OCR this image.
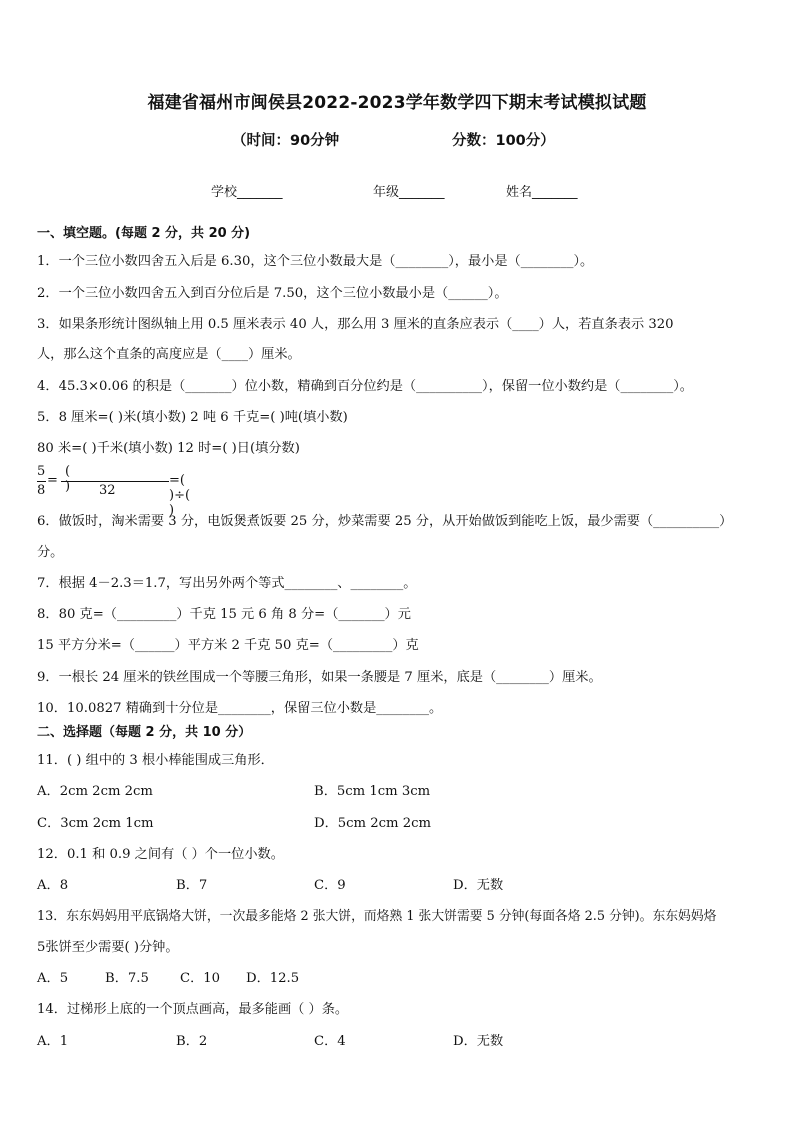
福建省福州市闽侯县2022-2023学年数学四下期末考试模拟试题
（时间：90分钟	分数：100分）
学校_______	年级_______	姓名_______
一、填空题。(每题 2 分，共 20 分)
1．一个三位小数四舍五入后是 6.30，这个三位小数最大是（________），最小是（________）。
2．一个三位小数四舍五入到百分位后是 7.50，这个三位小数最小是（______）。
3．如果条形统计图纵轴上用 0.5 厘米表示 40 人，那么用 3 厘米的直条应表示（____）人，若直条表示 320
人，那么这个直条的高度应是（____）厘米。
4．45.3×0.06 的积是（_______）位小数，精确到百分位约是（__________），保留一位小数约是（________）。
5．8 厘米=( )米(填小数) 2 吨 6 千克=( )吨(填小数)
80 米=( )千米(填小数) 12 时=( )日(填分数)
5
8
=
( ) 32
=( )÷( )
6．做饭时，淘米需要 3 分，电饭煲煮饭要 25 分，炒菜需要 25 分，从开始做饭到能吃上饭，最少需要（__________）
分。
7．根据 4－2.3＝1.7，写出另外两个等式________、________。
8．80 克=（_________）千克 15 元 6 角 8 分=（_______）元
15 平方分米=（______）平方米 2 千克 50 克=（_________）克
9．一根长 24 厘米的铁丝围成一个等腰三角形，如果一条腰是 7 厘米，底是（________）厘米。
10．10.0827 精确到十分位是________，保留三位小数是________。
二、选择题（每题 2 分，共 10 分）
11．( ) 组中的 3 根小棒能围成三角形．
A．2cm 2cm 2cm	B．5cm 1cm 3cm
C．3cm 2cm 1cm	D．5cm 2cm 2cm
12．0.1 和 0.9 之间有（ ）个一位小数。
A．8	B．7	C．9	D．无数
13．东东妈妈用平底锅烙大饼，一次最多能烙 2 张大饼，而烙熟 1 张大饼需要 5 分钟(每面各烙 2.5 分钟)。东东妈妈烙
5张饼至少需要( )分钟。
A．5	B．7.5 C．10 D．12.5
14．过梯形上底的一个顶点画高，最多能画（ ）条。
A．1	B．2	C．4	D．无数
